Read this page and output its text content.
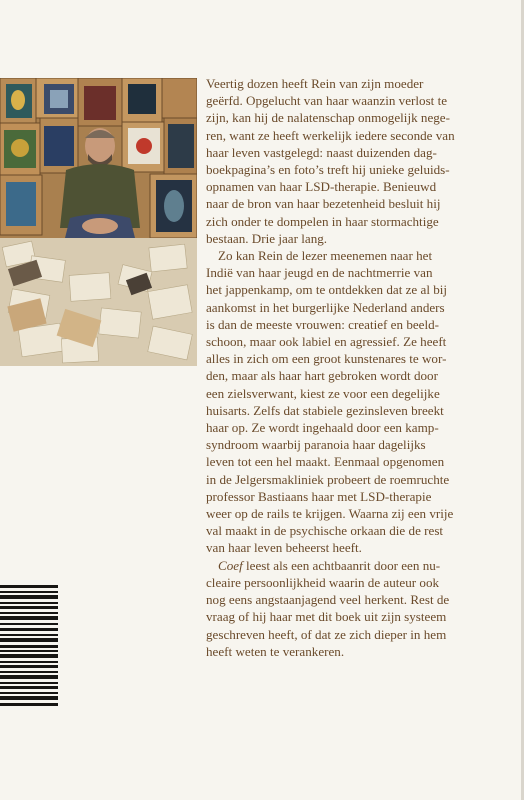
Veertig dozen heeft Rein van zijn moeder
geërfd. Opgelucht van haar waanzin verlost te
zijn, kan hij de nalatenschap onmogelijk nege-
ren, want ze heeft werkelijk iedere seconde van
haar leven vastgelegd: naast duizenden dag-
boekpagina’s en foto’s treft hij unieke geluids-
opnamen van haar LSD-therapie. Benieuwd
naar de bron van haar bezetenheid besluit hij
zich onder te dompelen in haar stormachtige
bestaan. Drie jaar lang.

Zo kan Rein de lezer meenemen naar het
Indië van haar jeugd en de nachtmerrie van
het jappenkamp, om te ontdekken dat ze al bij
aankomst in het burgerlijke Nederland anders
is dan de meeste vrouwen: creatief en beeld-
schoon, maar ook labiel en agressief. Ze heeft
alles in zich om een groot kunstenares te wor-
den, maar als haar hart gebroken wordt door
een zielsverwant, kiest ze voor een degelijke
huisarts. Zelfs dat stabiele gezinsleven breekt
haar op. Ze wordt ingehaald door een kamp-
syndroom waarbij paranoia haar dagelijks
leven tot een hel maakt. Eenmaal opgenomen
in de Jelgersmakliniek probeert de roemruchte
professor Bastiaans haar met LSD-therapie
weer op de rails te krijgen. Waarna zij een vrije
val maakt in de psychische orkaan die de rest
van haar leven beheerst heeft.

Coef leest als een achtbaanrit door een nu-
cleaire persoonlijkheid waarin de auteur ook
nog eens angstaanjagend veel herkent. Rest de
vraag of hij haar met dit boek uit zijn systeem
geschreven heeft, of dat ze zich dieper in hem
heeft weten te verankeren.
